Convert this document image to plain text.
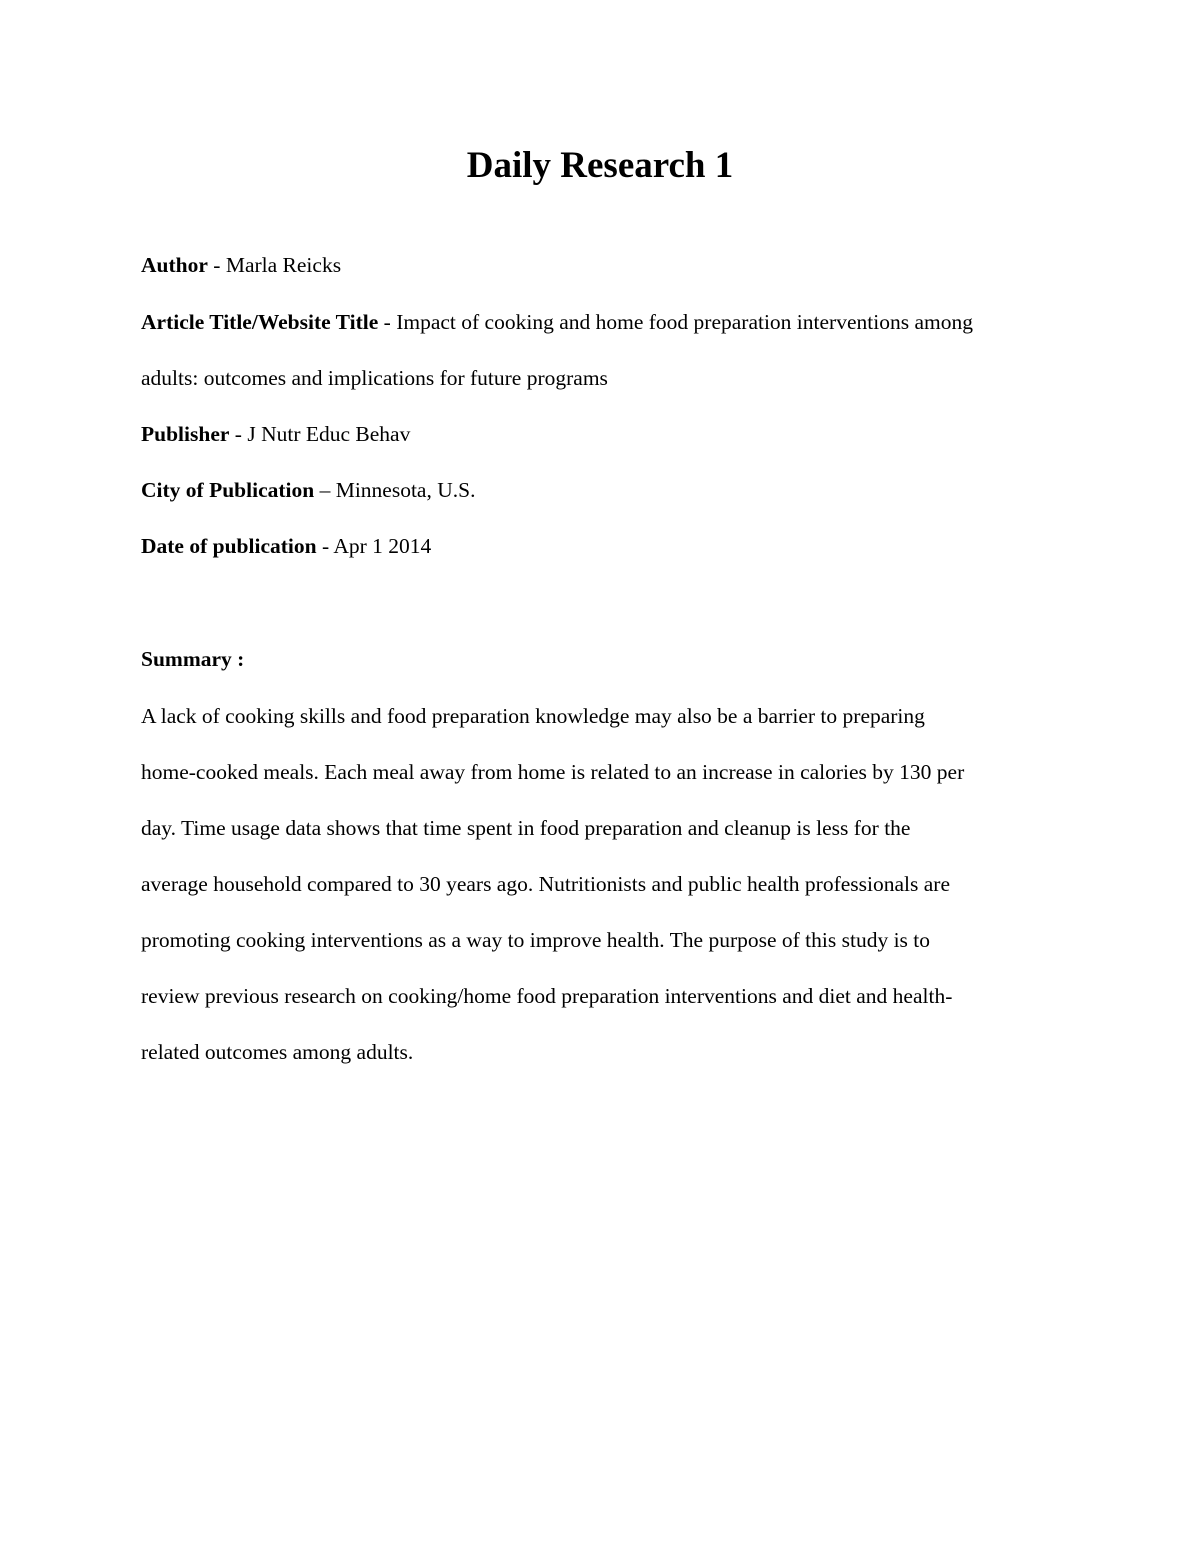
Daily Research 1

Author - Marla Reicks

Article Title/Website Title - Impact of cooking and home food preparation interventions among

adults: outcomes and implications for future programs

Publisher - J Nutr Educ Behav

City of Publication – Minnesota, U.S.

Date of publication - Apr 1 2014

Summary :

A lack of cooking skills and food preparation knowledge may also be a barrier to preparing

home-cooked meals. Each meal away from home is related to an increase in calories by 130 per

day. Time usage data shows that time spent in food preparation and cleanup is less for the

average household compared to 30 years ago. Nutritionists and public health professionals are

promoting cooking interventions as a way to improve health. The purpose of this study is to

review previous research on cooking/home food preparation interventions and diet and health-

related outcomes among adults.
